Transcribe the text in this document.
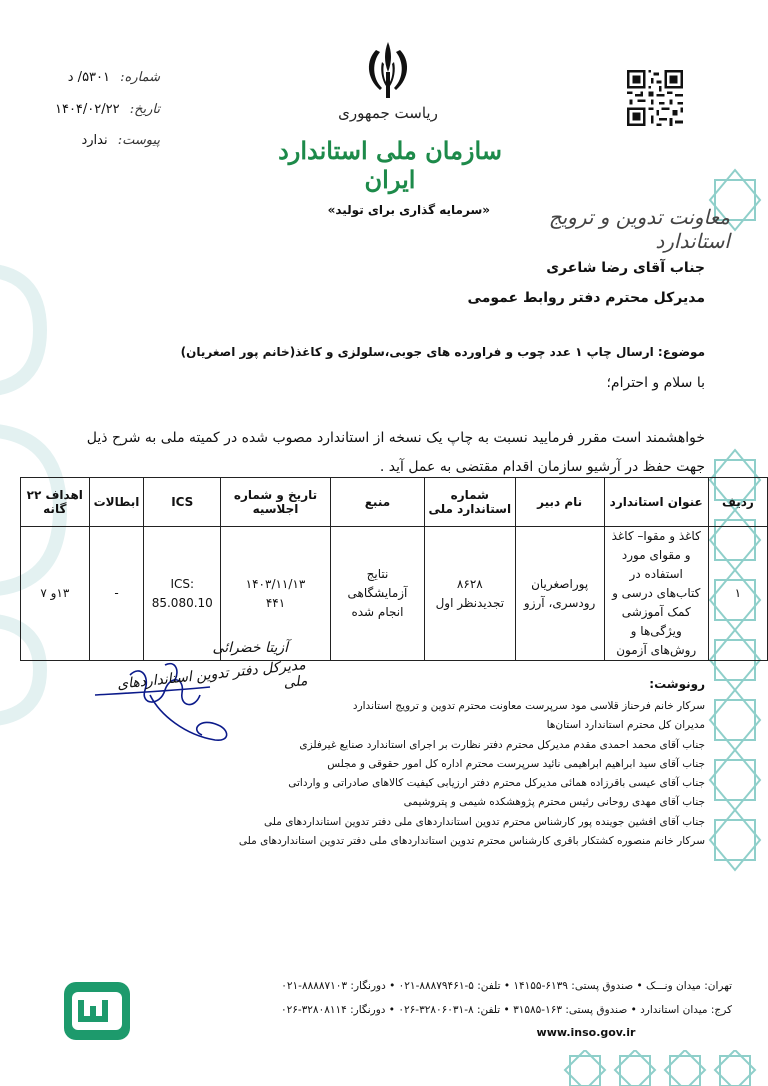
ریاست جمهوری
سازمان ملی استاندارد ایران
شماره: ۵۳۰۱/ د
تاریخ: ۱۴۰۴/۰۲/۲۲
پیوست: ندارد
معاونت تدوین و ترویج استاندارد
«سرمایه گذاری برای تولید»
جناب آقای رضا شاعری
مدیرکل محترم دفتر روابط عمومی
موضوع: ارسال چاپ ۱ عدد چوب و فراورده های جوبی،سلولزی و کاغذ(خانم پور اصغریان)
با سلام و احترام؛
خواهشمند است مقرر فرمایید نسبت به چاپ یک نسخه از استاندارد مصوب شده در کمیته ملی به شرح ذیل جهت حفظ در آرشیو سازمان اقدام مقتضی به عمل آید .
ردیف	عنوان استاندارد	نام دبیر	شماره استاندارد ملی	منبع	تاریخ و شماره اجلاسیه	ICS	ابطالات	اهداف ۲۲ گانه
۱	کاغذ و مقوا– کاغذ و مقوای مورد استفاده در کتاب‌های درسی و کمک آموزشی ویژگی‌ها و روش‌های آزمون	پوراصغریان رودسری، آرزو	۸۶۲۸ تجدیدنظر اول	نتایج آزمایشگاهی انجام شده	۱۴۰۳/۱۱/۱۳ ۴۴۱	ICS: 85.080.10	-	۱۳و ۷
آزیتا خضرائی
مدیرکل دفتر تدوین استانداردهای ملی	رونوشت:
سرکار خانم فرحناز قلاسی مود سرپرست معاونت محترم تدوین و ترویج استاندارد
مدیران کل محترم استاندارد استان‌ها
جناب آقای محمد احمدی مقدم مدیرکل محترم دفتر نظارت بر اجرای استاندارد صنایع غیرفلزی
جناب آقای سید ابراهیم ابراهیمی نائید سرپرست محترم اداره کل امور حقوقی و مجلس
جناب آقای عیسی باقرزاده همائی مدیرکل محترم دفتر ارزیابی کیفیت کالاهای صادراتی و وارداتی
جناب آقای مهدی روحانی رئیس محترم پژوهشکده شیمی و پتروشیمی
جناب آقای افشین جوینده پور کارشناس محترم تدوین استانداردهای ملی دفتر تدوین استانداردهای ملی
سرکار خانم منصوره کشتکار باقری کارشناس محترم تدوین استانداردهای ملی دفتر تدوین استانداردهای ملی
تهران: میدان ونـــک • صندوق پستی: ۶۱۳۹-۱۴۱۵۵ • تلفن: ۵-۸۸۸۷۹۴۶۱-۰۲۱ • دورنگار: ۸۸۸۸۷۱۰۳-۰۲۱
کرج: میدان استاندارد • صندوق پستی: ۱۶۳-۳۱۵۸۵ • تلفن: ۸-۳۲۸۰۶۰۳۱-۰۲۶ • دورنگار: ۳۲۸۰۸۱۱۴-۰۲۶
www.inso.gov.ir
